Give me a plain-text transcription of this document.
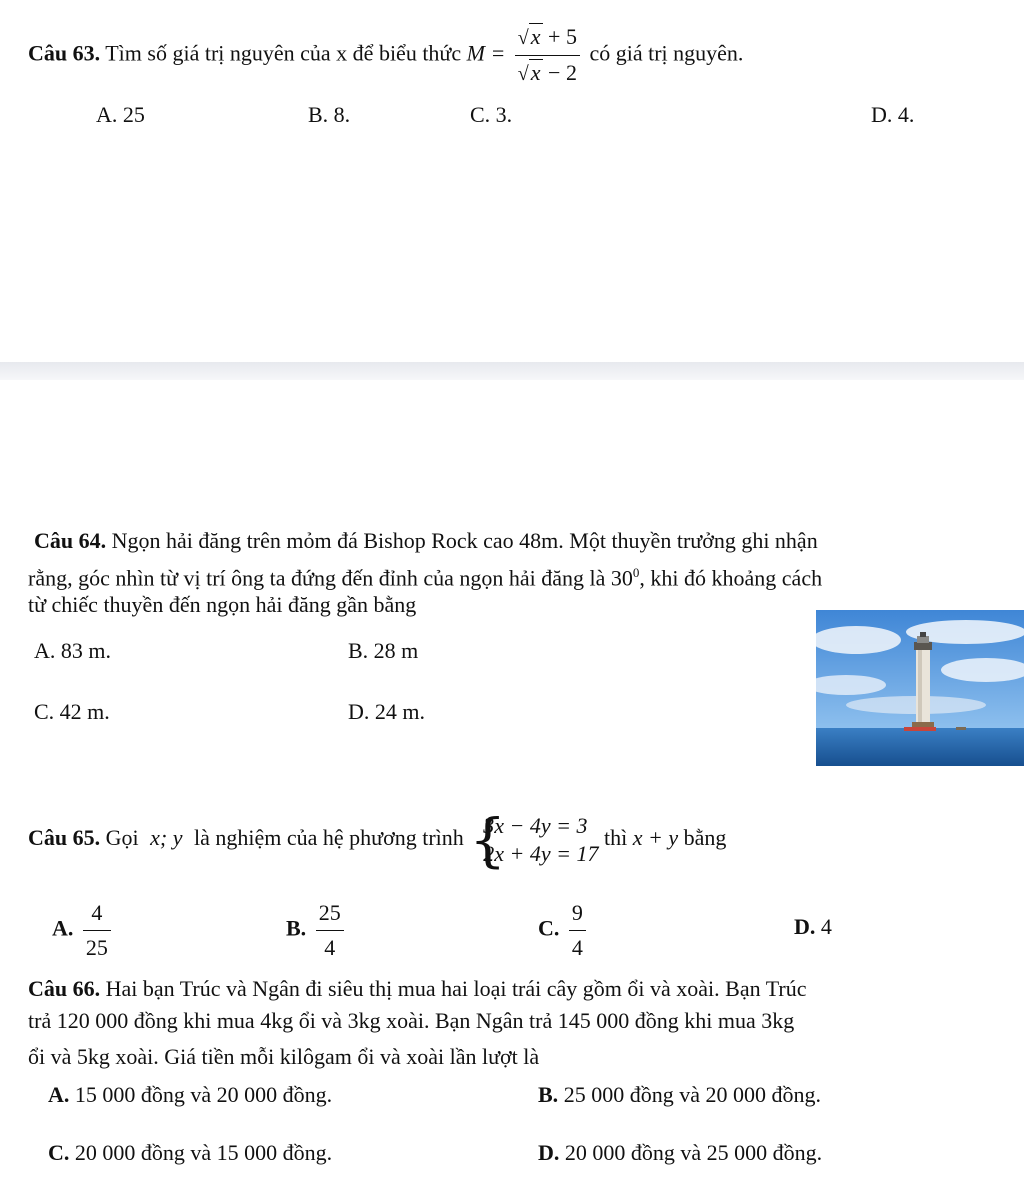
Câu 63. Tìm số giá trị nguyên của x để biểu thức $M = \frac{√x + 5}{√x - 2}$ có giá trị nguyên.
A. 25	B. 8.	C. 3.	D. 4.
Câu 64. Ngọn hải đăng trên mỏm đá Bishop Rock cao 48m. Một thuyền trưởng ghi nhận
rằng, góc nhìn từ vị trí ông ta đứng đến đỉnh của ngọn hải đăng là $30^0$, khi đó khoảng cách
từ chiếc thuyền đến ngọn hải đăng gần bằng
A. 83 m.	B. 28 m
C. 42 m.	D. 24 m.
Câu 65. Gọi x; y là nghiệm của hệ phương trình {
3x − 4y = 3
2x + 4y = 17
thì x + y bằng
A. $\frac{4}{25}$	B. $\frac{25}{4}$	C. $\frac{9}{4}$	D. 4
Câu 66. Hai bạn Trúc và Ngân đi siêu thị mua hai loại trái cây gồm ổi và xoài. Bạn Trúc
trả 120 000 đồng khi mua 4kg ổi và 3kg xoài. Bạn Ngân trả 145 000 đồng khi mua 3kg
ổi và 5kg xoài. Giá tiền mỗi kilôgam ổi và xoài lần lượt là
A. 15 000 đồng và 20 000 đồng.	B. 25 000 đồng và 20 000 đồng.
C. 20 000 đồng và 15 000 đồng.	D. 20 000 đồng và 25 000 đồng.
